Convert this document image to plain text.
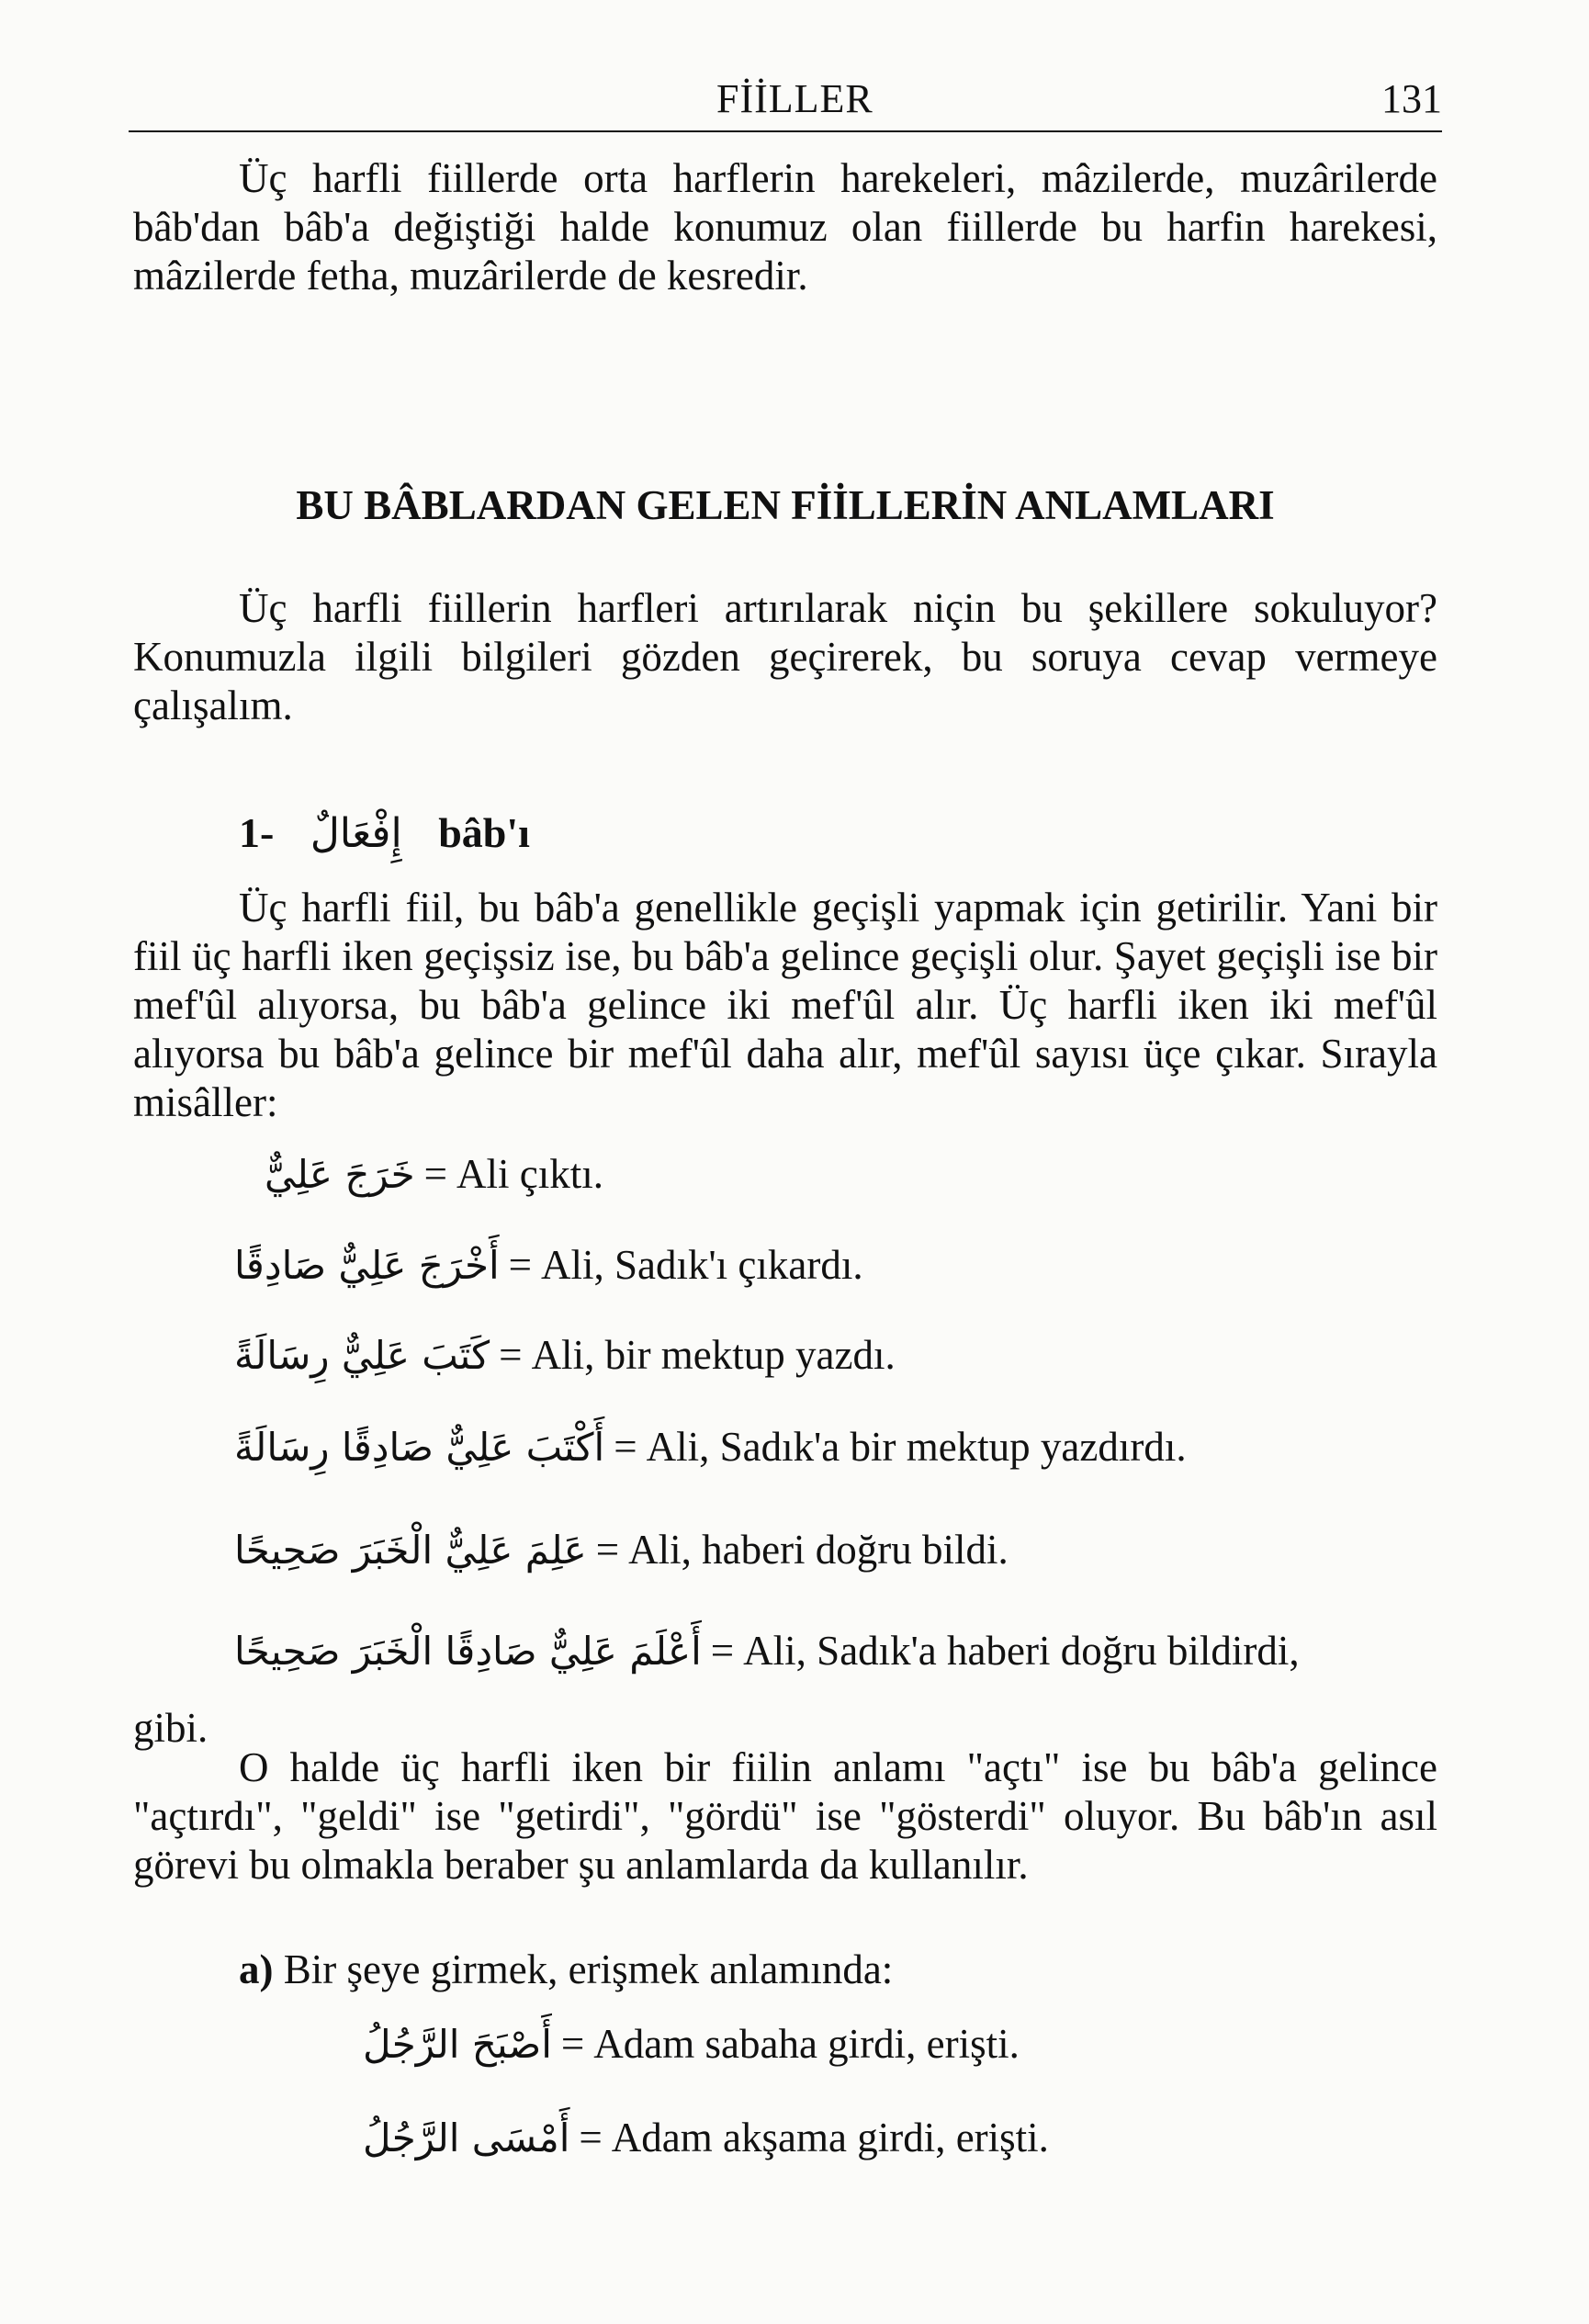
FİİLLER	131

Üç harfli fiillerde orta harflerin harekeleri, mâzilerde, muzârilerde bâb'dan bâb'a değiştiği halde konumuz olan fiillerde bu harfin harekesi, mâzilerde fetha, muzârilerde de kesredir.

BU BÂBLARDAN GELEN FİİLLERİN ANLAMLARI

Üç harfli fiillerin harfleri artırılarak niçin bu şekillere sokuluyor? Konumuzla ilgili bilgileri gözden geçirerek, bu soruya cevap vermeye çalışalım.

1- إِفْعَالٌ bâb'ı

Üç harfli fiil, bu bâb'a genellikle geçişli yapmak için getirilir. Yani bir fiil üç harfli iken geçişsiz ise, bu bâb'a gelince geçişli olur. Şayet geçişli ise bir mef'ûl alıyorsa, bu bâb'a gelince iki mef'ûl alır. Üç harfli iken iki mef'ûl alıyorsa bu bâb'a gelince bir mef'ûl daha alır, mef'ûl sayısı üçe çıkar. Sırayla misâller:

خَرَجَ عَلِيٌّ = Ali çıktı.
أَخْرَجَ عَلِيٌّ صَادِقًا = Ali, Sadık'ı çıkardı.
كَتَبَ عَلِيٌّ رِسَالَةً = Ali, bir mektup yazdı.
أَكْتَبَ عَلِيٌّ صَادِقًا رِسَالَةً = Ali, Sadık'a bir mektup yazdırdı.
عَلِمَ عَلِيٌّ الْخَبَرَ صَحِيحًا = Ali, haberi doğru bildi.
أَعْلَمَ عَلِيٌّ صَادِقًا الْخَبَرَ صَحِيحًا = Ali, Sadık'a haberi doğru bildirdi,
gibi.

O halde üç harfli iken bir fiilin anlamı "açtı" ise bu bâb'a gelince "açtırdı", "geldi" ise "getirdi", "gördü" ise "gösterdi" oluyor. Bu bâb'ın asıl görevi bu olmakla beraber şu anlamlarda da kullanılır.

a) Bir şeye girmek, erişmek anlamında:
أَصْبَحَ الرَّجُلُ = Adam sabaha girdi, erişti.
أَمْسَى الرَّجُلُ = Adam akşama girdi, erişti.
